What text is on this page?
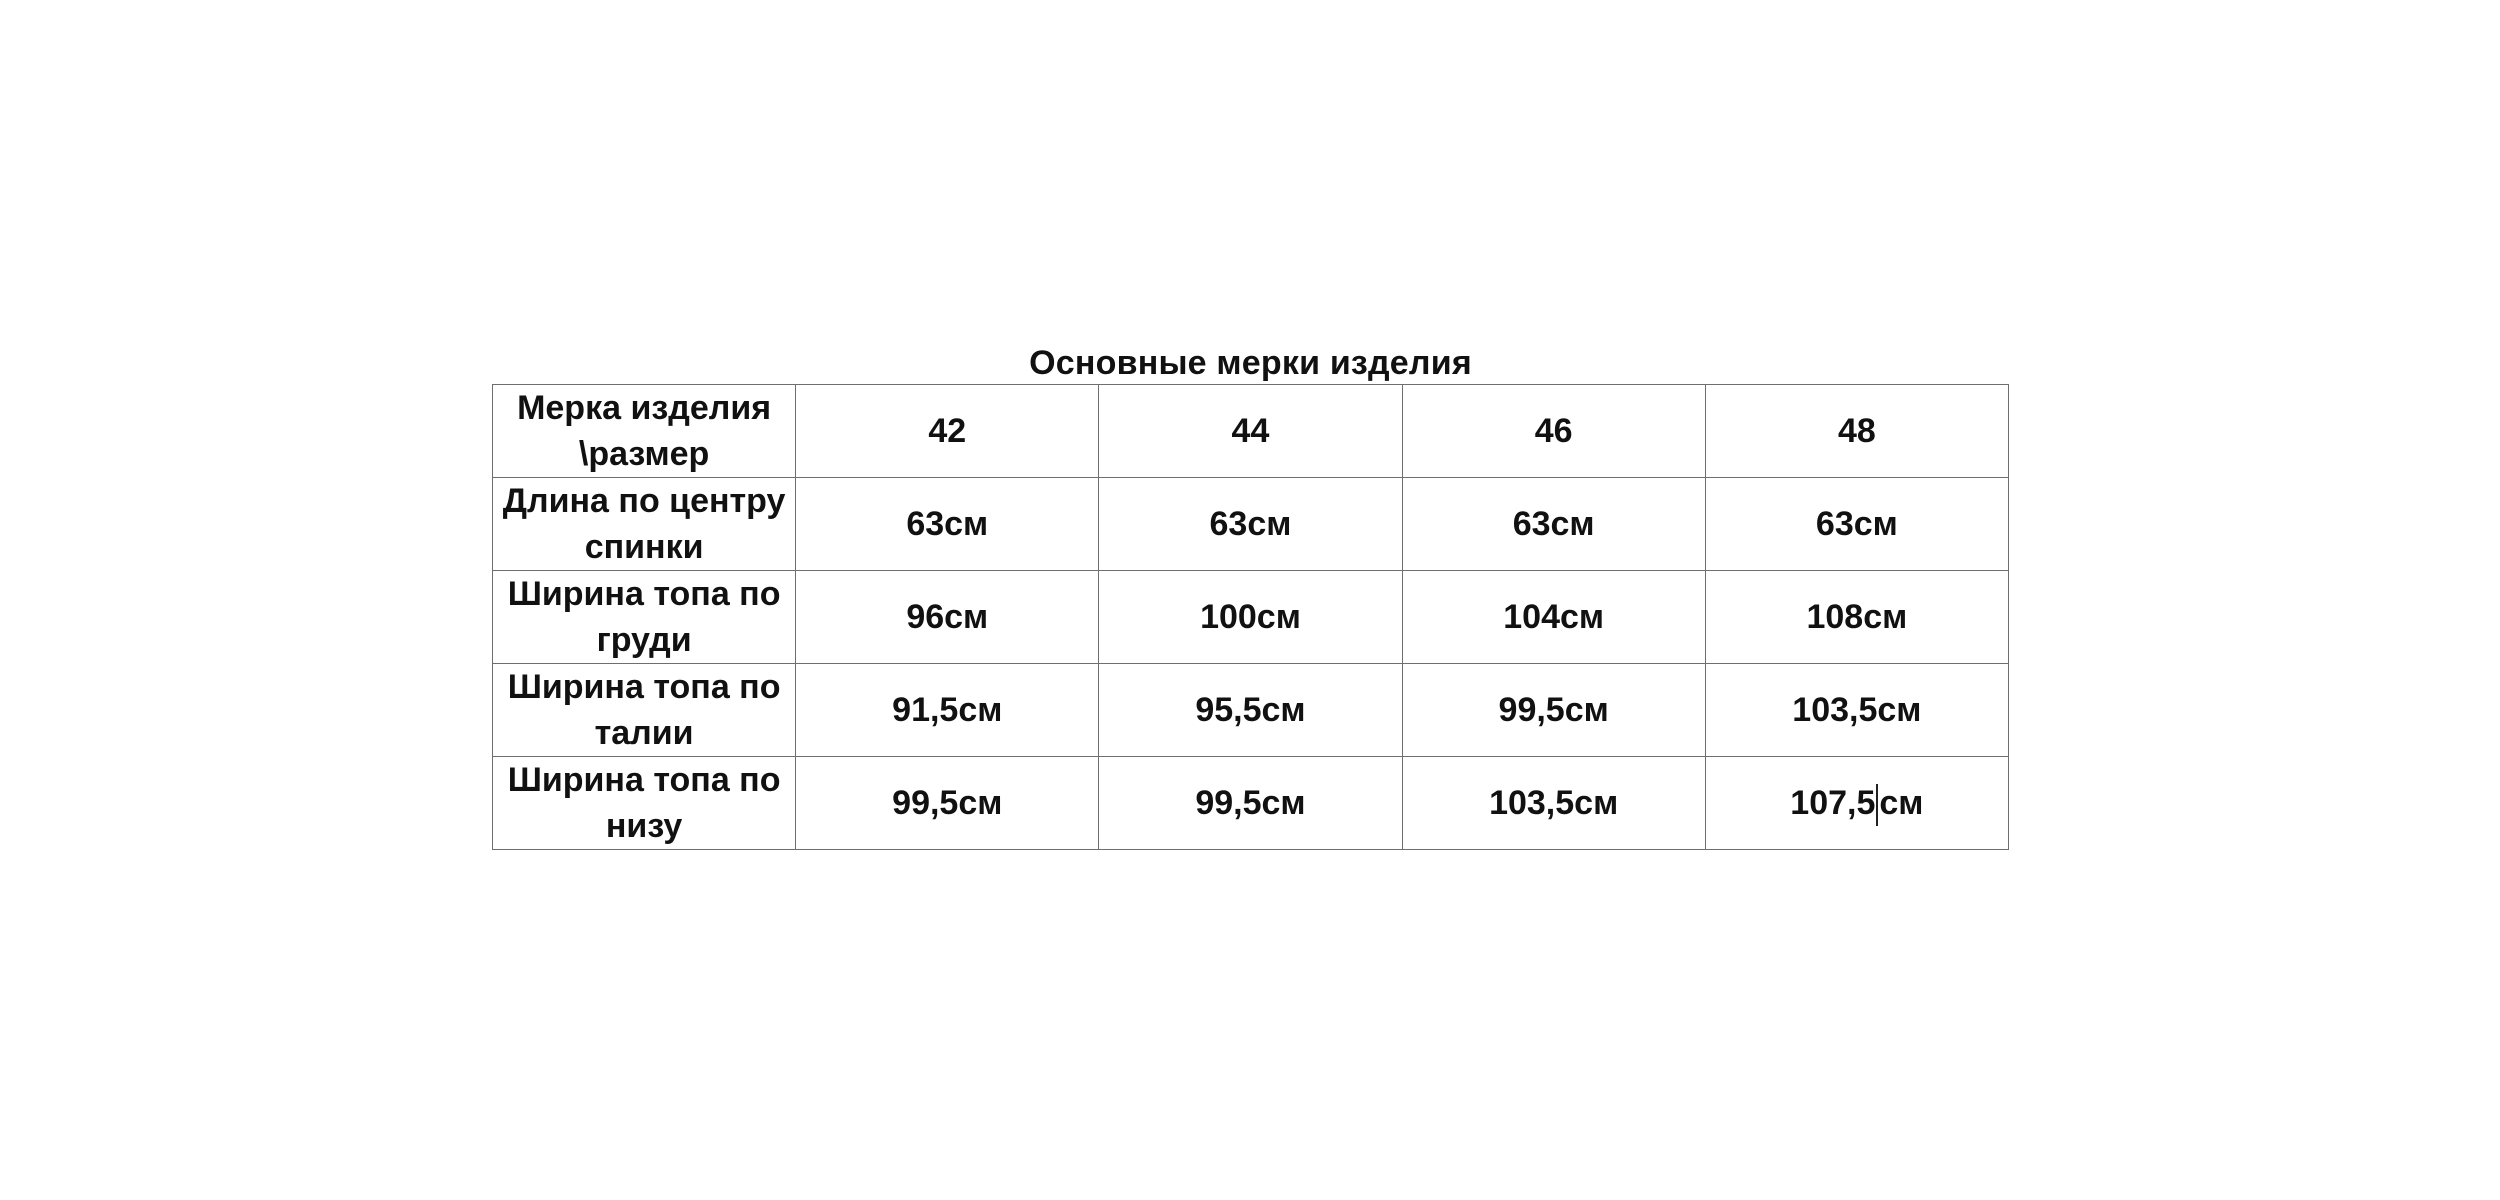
Основные мерки изделия
Мерка изделия \размер	42	44	46	48
Длина по центру спинки	63см	63см	63см	63см
Ширина топа по груди	96см	100см	104см	108см
Ширина топа по талии	91,5см	95,5см	99,5см	103,5см
Ширина топа по низу	99,5см	99,5см	103,5см	107,5 см
